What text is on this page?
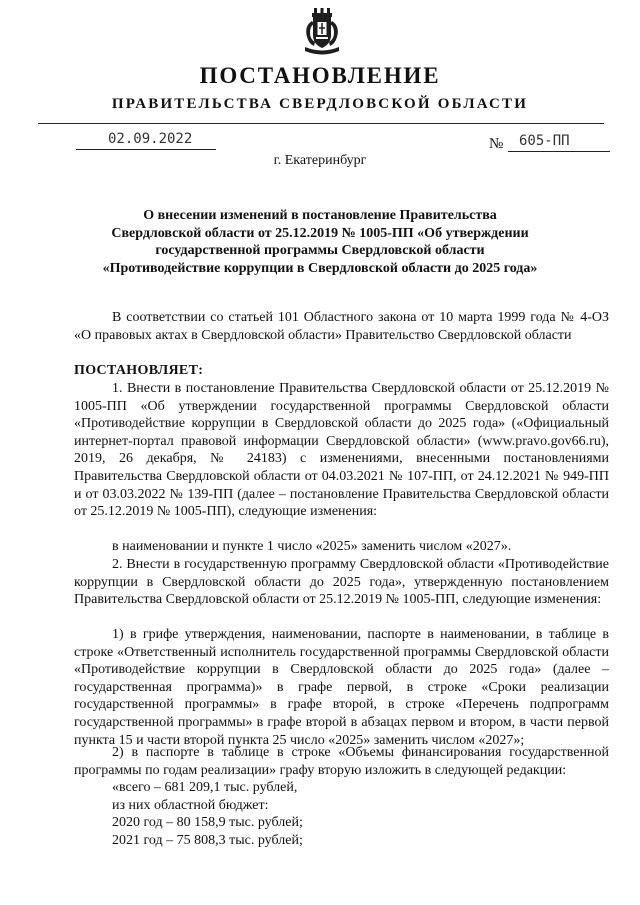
ПОСТАНОВЛЕНИЕ
ПРАВИТЕЛЬСТВА СВЕРДЛОВСКОЙ ОБЛАСТИ
02.09.2022	№ 605-ПП
г. Екатеринбург
О внесении изменений в постановление Правительства
Свердловской области от 25.12.2019 № 1005-ПП «Об утверждении
государственной программы Свердловской области
«Противодействие коррупции в Свердловской области до 2025 года»
В соответствии со статьей 101 Областного закона от 10 марта 1999 года № 4-ОЗ «О правовых актах в Свердловской области» Правительство Свердловской области
ПОСТАНОВЛЯЕТ:
1. Внести в постановление Правительства Свердловской области от 25.12.2019 № 1005-ПП «Об утверждении государственной программы Свердловской области «Противодействие коррупции в Свердловской области до 2025 года» («Официальный интернет-портал правовой информации Свердловской области» (www.pravo.gov66.ru), 2019, 26 декабря, № 24183) с изменениями, внесенными постановлениями Правительства Свердловской области от 04.03.2021 № 107-ПП, от 24.12.2021 № 949-ПП и от 03.03.2022 № 139-ПП (далее – постановление Правительства Свердловской области от 25.12.2019 № 1005-ПП), следующие изменения:
в наименовании и пункте 1 число «2025» заменить числом «2027».
2. Внести в государственную программу Свердловской области «Противодействие коррупции в Свердловской области до 2025 года», утвержденную постановлением Правительства Свердловской области от 25.12.2019 № 1005-ПП, следующие изменения:
1) в грифе утверждения, наименовании, паспорте в наименовании, в таблице в строке «Ответственный исполнитель государственной программы Свердловской области «Противодействие коррупции в Свердловской области до 2025 года» (далее – государственная программа)» в графе первой, в строке «Сроки реализации государственной программы» в графе второй, в строке «Перечень подпрограмм государственной программы» в графе второй в абзацах первом и втором, в части первой пункта 15 и части второй пункта 25 число «2025» заменить числом «2027»;
2) в паспорте в таблице в строке «Объемы финансирования государственной программы по годам реализации» графу вторую изложить в следующей редакции:
«всего – 681 209,1 тыс. рублей,
из них областной бюджет:
2020 год – 80 158,9 тыс. рублей;
2021 год – 75 808,3 тыс. рублей;
